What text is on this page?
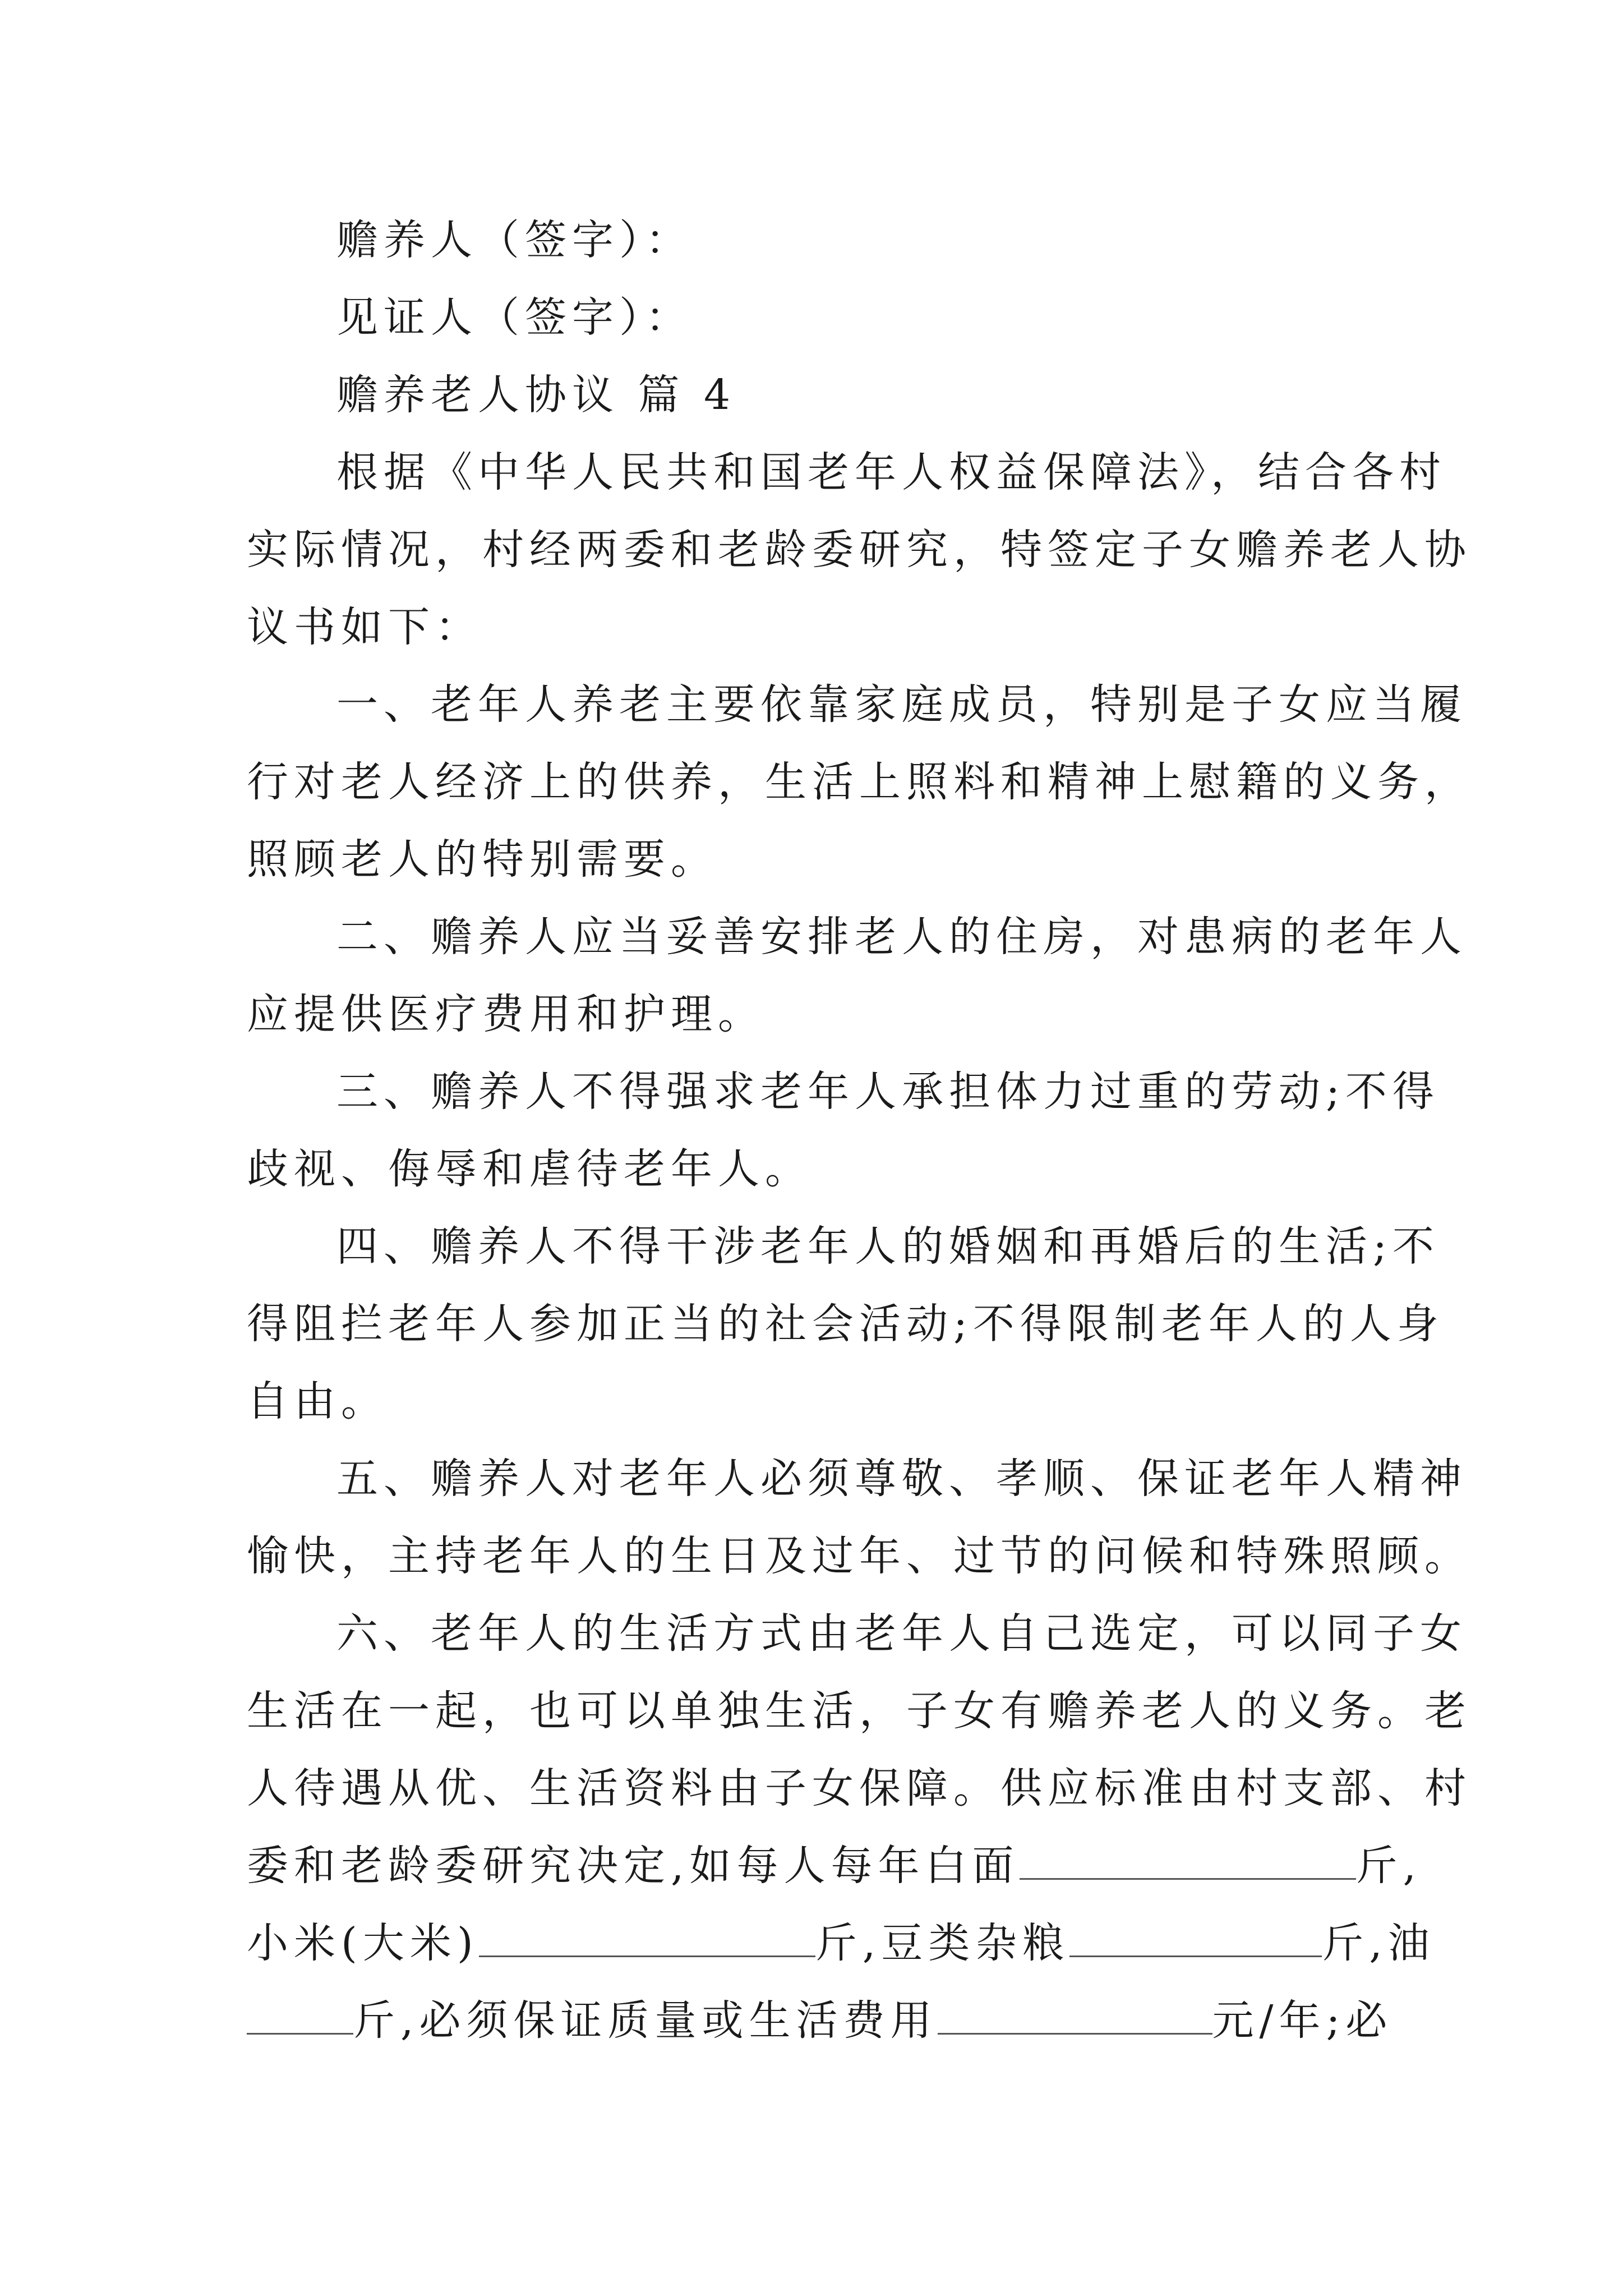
赡养人（签字）：
见证人（签字）：
赡养老人协议 篇 4
根据《中华人民共和国老年人权益保障法》，结合各村
实际情况，村经两委和老龄委研究，特签定子女赡养老人协
议书如下：
一、老年人养老主要依靠家庭成员，特别是子女应当履
行对老人经济上的供养，生活上照料和精神上慰籍的义务，
照顾老人的特别需要。
二、赡养人应当妥善安排老人的住房，对患病的老年人
应提供医疗费用和护理。
三、赡养人不得强求老年人承担体力过重的劳动;不得
歧视、侮辱和虐待老年人。
四、赡养人不得干涉老年人的婚姻和再婚后的生活;不
得阻拦老年人参加正当的社会活动;不得限制老年人的人身
自由。
五、赡养人对老年人必须尊敬、孝顺、保证老年人精神
愉快，主持老年人的生日及过年、过节的问候和特殊照顾。
六、老年人的生活方式由老年人自己选定，可以同子女
生活在一起，也可以单独生活，子女有赡养老人的义务。老
人待遇从优、生活资料由子女保障。供应标准由村支部、村
委和老龄委研究决定,如每人每年白面	斤,
小米(大米)	斤,豆类杂粮	斤,油
斤,必须保证质量或生活费用	元/年;必
